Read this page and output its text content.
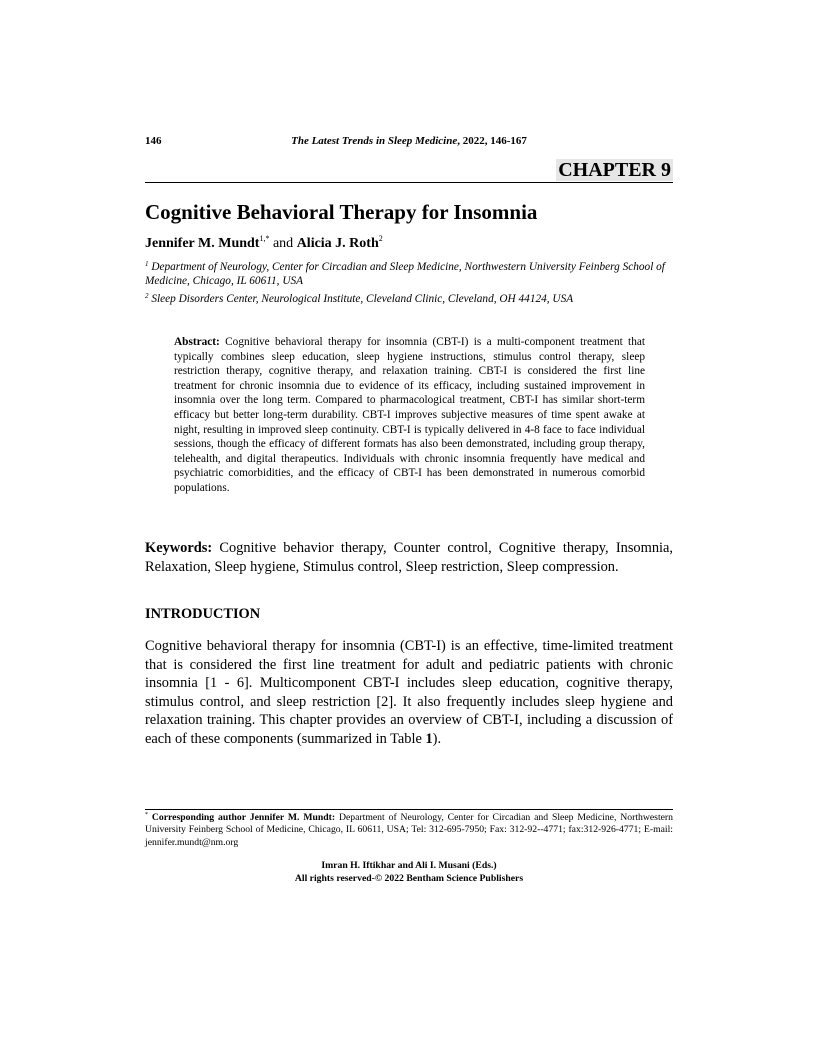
146	The Latest Trends in Sleep Medicine, 2022, 146-167
CHAPTER 9
Cognitive Behavioral Therapy for Insomnia
Jennifer M. Mundt$^{1,*}$ and Alicia J. Roth$^2$
$^1$ Department of Neurology, Center for Circadian and Sleep Medicine, Northwestern University Feinberg School of Medicine, Chicago, IL 60611, USA
$^2$ Sleep Disorders Center, Neurological Institute, Cleveland Clinic, Cleveland, OH 44124, USA
Abstract: Cognitive behavioral therapy for insomnia (CBT-I) is a multi-component treatment that typically combines sleep education, sleep hygiene instructions, stimulus control therapy, sleep restriction therapy, cognitive therapy, and relaxation training. CBT-I is considered the first line treatment for chronic insomnia due to evidence of its efficacy, including sustained improvement in insomnia over the long term. Compared to pharmacological treatment, CBT-I has similar short-term efficacy but better long-term durability. CBT-I improves subjective measures of time spent awake at night, resulting in improved sleep continuity. CBT-I is typically delivered in 4-8 face to face individual sessions, though the efficacy of different formats has also been demonstrated, including group therapy, telehealth, and digital therapeutics. Individuals with chronic insomnia frequently have medical and psychiatric comorbidities, and the efficacy of CBT-I has been demonstrated in numerous comorbid populations.
Keywords: Cognitive behavior therapy, Counter control, Cognitive therapy, Insomnia, Relaxation, Sleep hygiene, Stimulus control, Sleep restriction, Sleep compression.
INTRODUCTION
Cognitive behavioral therapy for insomnia (CBT-I) is an effective, time-limited treatment that is considered the first line treatment for adult and pediatric patients with chronic insomnia [1 - 6]. Multicomponent CBT-I includes sleep education, cognitive therapy, stimulus control, and sleep restriction [2]. It also frequently includes sleep hygiene and relaxation training. This chapter provides an overview of CBT-I, including a discussion of each of these components (summarized in Table 1).
* Corresponding author Jennifer M. Mundt: Department of Neurology, Center for Circadian and Sleep Medicine, Northwestern University Feinberg School of Medicine, Chicago, IL 60611, USA; Tel: 312-695-7950; Fax: 312-92--4771; fax:312-926-4771; E-mail: jennifer.mundt@nm.org
Imran H. Iftikhar and Ali I. Musani (Eds.)
All rights reserved-© 2022 Bentham Science Publishers
